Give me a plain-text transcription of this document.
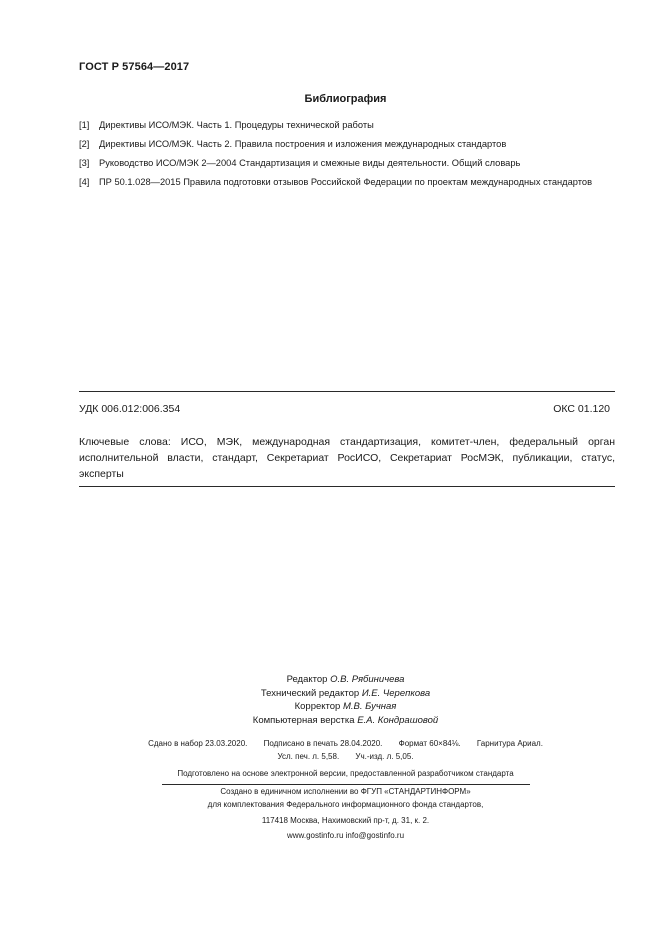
ГОСТ Р 57564—2017
Библиография
[1]	Директивы ИСО/МЭК. Часть 1. Процедуры технической работы
[2]	Директивы ИСО/МЭК. Часть 2. Правила построения и изложения международных стандартов
[3]	Руководство ИСО/МЭК 2—2004 Стандартизация и смежные виды деятельности. Общий словарь
[4]	ПР 50.1.028—2015 Правила подготовки отзывов Российской Федерации по проектам международных стандартов
УДК 006.012:006.354	ОКС 01.120
Ключевые слова: ИСО, МЭК, международная стандартизация, комитет-член, федеральный орган исполнительной власти, стандарт, Секретариат РосИСО, Секретариат РосМЭК, публикации, статус, эксперты
Редактор О.В. Рябиничева
Технический редактор И.Е. Черепкова
Корректор М.В. Бучная
Компьютерная верстка Е.А. Кондрашовой
Сдано в набор 23.03.2020. Подписано в печать 28.04.2020. Формат 60×84⅛. Гарнитура Ариал.
Усл. печ. л. 5,58. Уч.-изд. л. 5,05.
Подготовлено на основе электронной версии, предоставленной разработчиком стандарта
Создано в единичном исполнении во ФГУП «СТАНДАРТИНФОРМ»
для комплектования Федерального информационного фонда стандартов,
117418 Москва, Нахимовский пр-т, д. 31, к. 2.
www.gostinfo.ru info@gostinfo.ru
